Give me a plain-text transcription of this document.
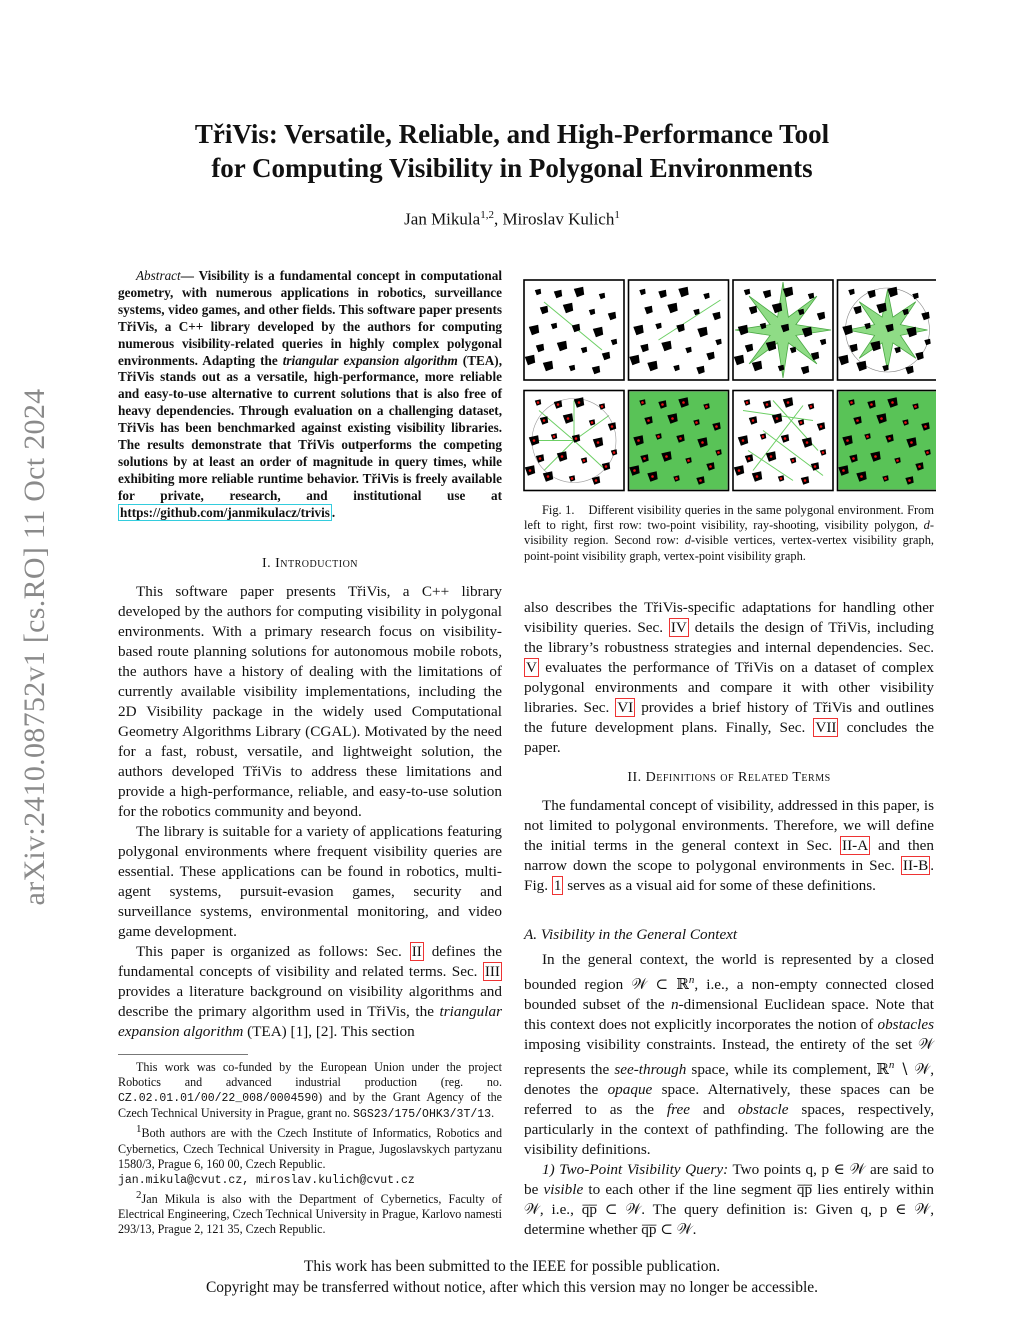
arXiv:2410.08752v1 [cs.RO] 11 Oct 2024
TřiVis: Versatile, Reliable, and High-Performance Tool
for Computing Visibility in Polygonal Environments
Jan Mikula$^{1,2}$, Miroslav Kulich$^1$
Abstract— Visibility is a fundamental concept in computational geometry, with numerous applications in robotics, surveillance systems, video games, and other fields. This software paper presents TřiVis, a C++ library developed by the authors for computing numerous visibility-related queries in highly complex polygonal environments. Adapting the triangular expansion algorithm (TEA), TřiVis stands out as a versatile, high-performance, more reliable and easy-to-use alternative to current solutions that is also free of heavy dependencies. Through evaluation on a challenging dataset, TřiVis has been benchmarked against existing visibility libraries. The results demonstrate that TřiVis outperforms the competing solutions by at least an order of magnitude in query times, while exhibiting more reliable runtime behavior. TřiVis is freely available for private, research, and institutional use at https://github.com/janmikulacz/trivis .
I. Introduction

This software paper presents TřiVis, a C++ library developed by the authors for computing visibility in polygonal environments. With a primary research focus on visibility-based route planning solutions for autonomous mobile robots, the authors have a history of dealing with the limitations of currently available visibility implementations, including the 2D Visibility package in the widely used Computational Geometry Algorithms Library (CGAL). Motivated by the need for a fast, robust, versatile, and lightweight solution, the authors developed TřiVis to address these limitations and provide a high-performance, reliable, and easy-to-use solution for the robotics community and beyond.

The library is suitable for a variety of applications featuring polygonal environments where frequent visibility queries are essential. These applications can be found in robotics, multi-agent systems, pursuit-evasion games, security and surveillance systems, environmental monitoring, and video game development.

This paper is organized as follows: Sec. II defines the fundamental concepts of visibility and related terms. Sec. III provides a literature background on visibility algorithms and describe the primary algorithm used in TřiVis, the triangular expansion algorithm (TEA) [1], [2]. This section

This work was co-funded by the European Union under the project Robotics and advanced industrial production (reg. no. CZ.02.01.01/00/22_008/0004590) and by the Grant Agency of the Czech Technical University in Prague, grant no. SGS23/175/OHK3/3T/13.

$^1$Both authors are with the Czech Institute of Informatics, Robotics and Cybernetics, Czech Technical University in Prague, Jugoslavskych partyzanu 1580/3, Prague 6, 160 00, Czech Republic.
jan.mikula@cvut.cz, miroslav.kulich@cvut.cz

$^2$Jan Mikula is also with the Department of Cybernetics, Faculty of Electrical Engineering, Czech Technical University in Prague, Karlovo namesti 293/13, Prague 2, 121 35, Czech Republic.

Fig. 1. Different visibility queries in the same polygonal environment. From left to right, first row: two-point visibility, ray-shooting, visibility polygon, d-visibility region. Second row: d-visible vertices, vertex-vertex visibility graph, point-point visibility graph, vertex-point visibility graph.

also describes the TřiVis-specific adaptations for handling other visibility queries. Sec. IV details the design of TřiVis, including the library’s robustness strategies and internal dependencies. Sec. V evaluates the performance of TřiVis on a dataset of complex polygonal environments and compare it with other visibility libraries. Sec. VI provides a brief history of TřiVis and outlines the future development plans. Finally, Sec. VII concludes the paper.

II. Definitions of Related Terms

The fundamental concept of visibility, addressed in this paper, is not limited to polygonal environments. Therefore, we will define the initial terms in the general context in Sec. II-A and then narrow down the scope to polygonal environments in Sec. II-B . Fig. 1 serves as a visual aid for some of these definitions.

A. Visibility in the General Context

In the general context, the world is represented by a closed bounded region 𝒲 ⊂ ℝ$^n$, i.e., a non-empty connected closed bounded subset of the n-dimensional Euclidean space. Note that this context does not explicitly incorporates the notion of obstacles imposing visibility constraints. Instead, the entirety of the set 𝒲 represents the see-through space, while its complement, ℝ$^n$ ∖ 𝒲, denotes the opaque space. Alternatively, these spaces can be referred to as the free and obstacle spaces, respectively, particularly in the context of pathfinding. The following are the visibility definitions.

1) Two-Point Visibility Query: Two points q, p ∈ 𝒲 are said to be visible to each other if the line segment q̅p̅ lies entirely within 𝒲, i.e., q̅p̅ ⊂ 𝒲. The query definition is: Given q, p ∈ 𝒲, determine whether q̅p̅ ⊂ 𝒲.

This work has been submitted to the IEEE for possible publication.
Copyright may be transferred without notice, after which this version may no longer be accessible.
